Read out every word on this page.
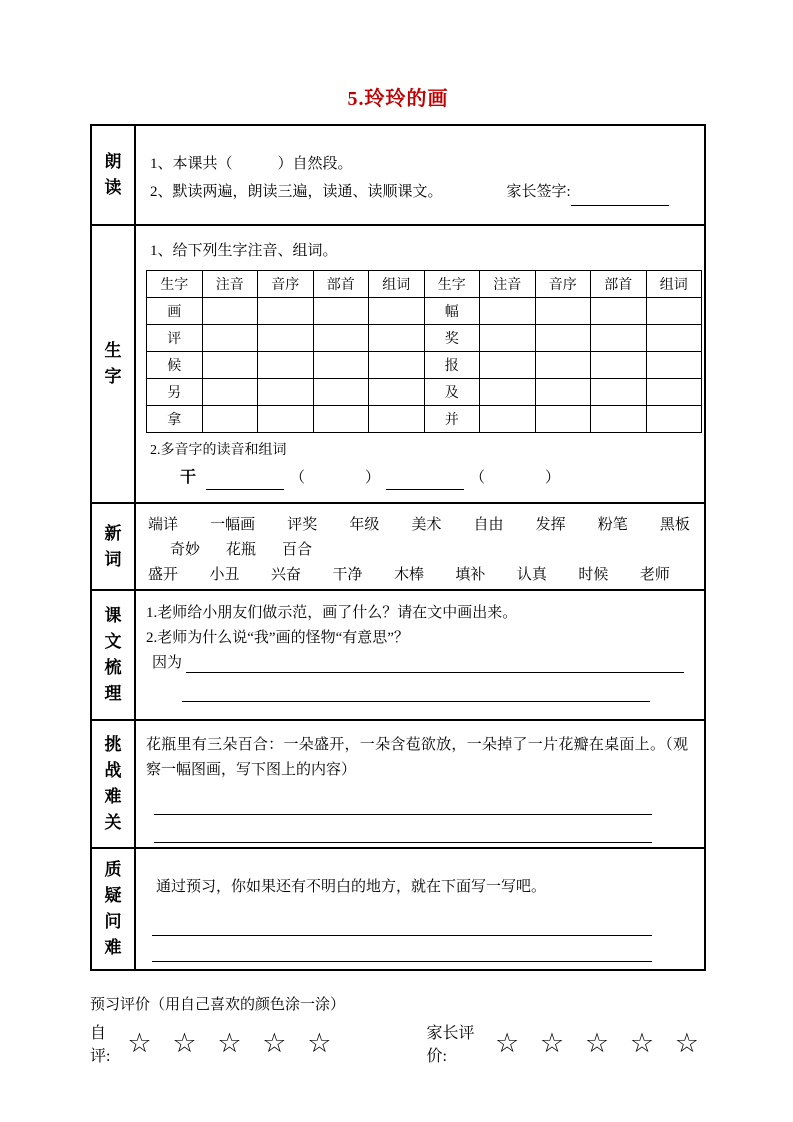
5.玲玲的画
朗读
1、本课共（　　　）自然段。
2、默读两遍，朗读三遍，读通、读顺课文。	家长签字:
生字
1、给下列生字注音、组词。
生字	注音	音序	部首	组词	生字	注音	音序	部首	组词
画					幅				
评					奖				
候					报				
另					及				
拿					并				
2.多音字的读音和组词
干	（　　　　）	（　　　　）
新词
端详 一幅画 评奖 年级 美术 自由 发挥 粉笔 黑板
奇妙 花瓶 百合
盛开 小丑 兴奋 干净 木棒 填补 认真 时候 老师
课文梳理
1.老师给小朋友们做示范，画了什么？请在文中画出来。
2.老师为什么说“我”画的怪物“有意思”？
因为
挑战难关
花瓶里有三朵百合：一朵盛开，一朵含苞欲放，一朵掉了一片花瓣在桌面上。（观察一幅图画，写下图上的内容）
质疑问难
通过预习，你如果还有不明白的地方，就在下面写一写吧。
预习评价（用自己喜欢的颜色涂一涂）
自评: ☆ ☆ ☆ ☆ ☆	家长评价:	☆ ☆ ☆ ☆ ☆
